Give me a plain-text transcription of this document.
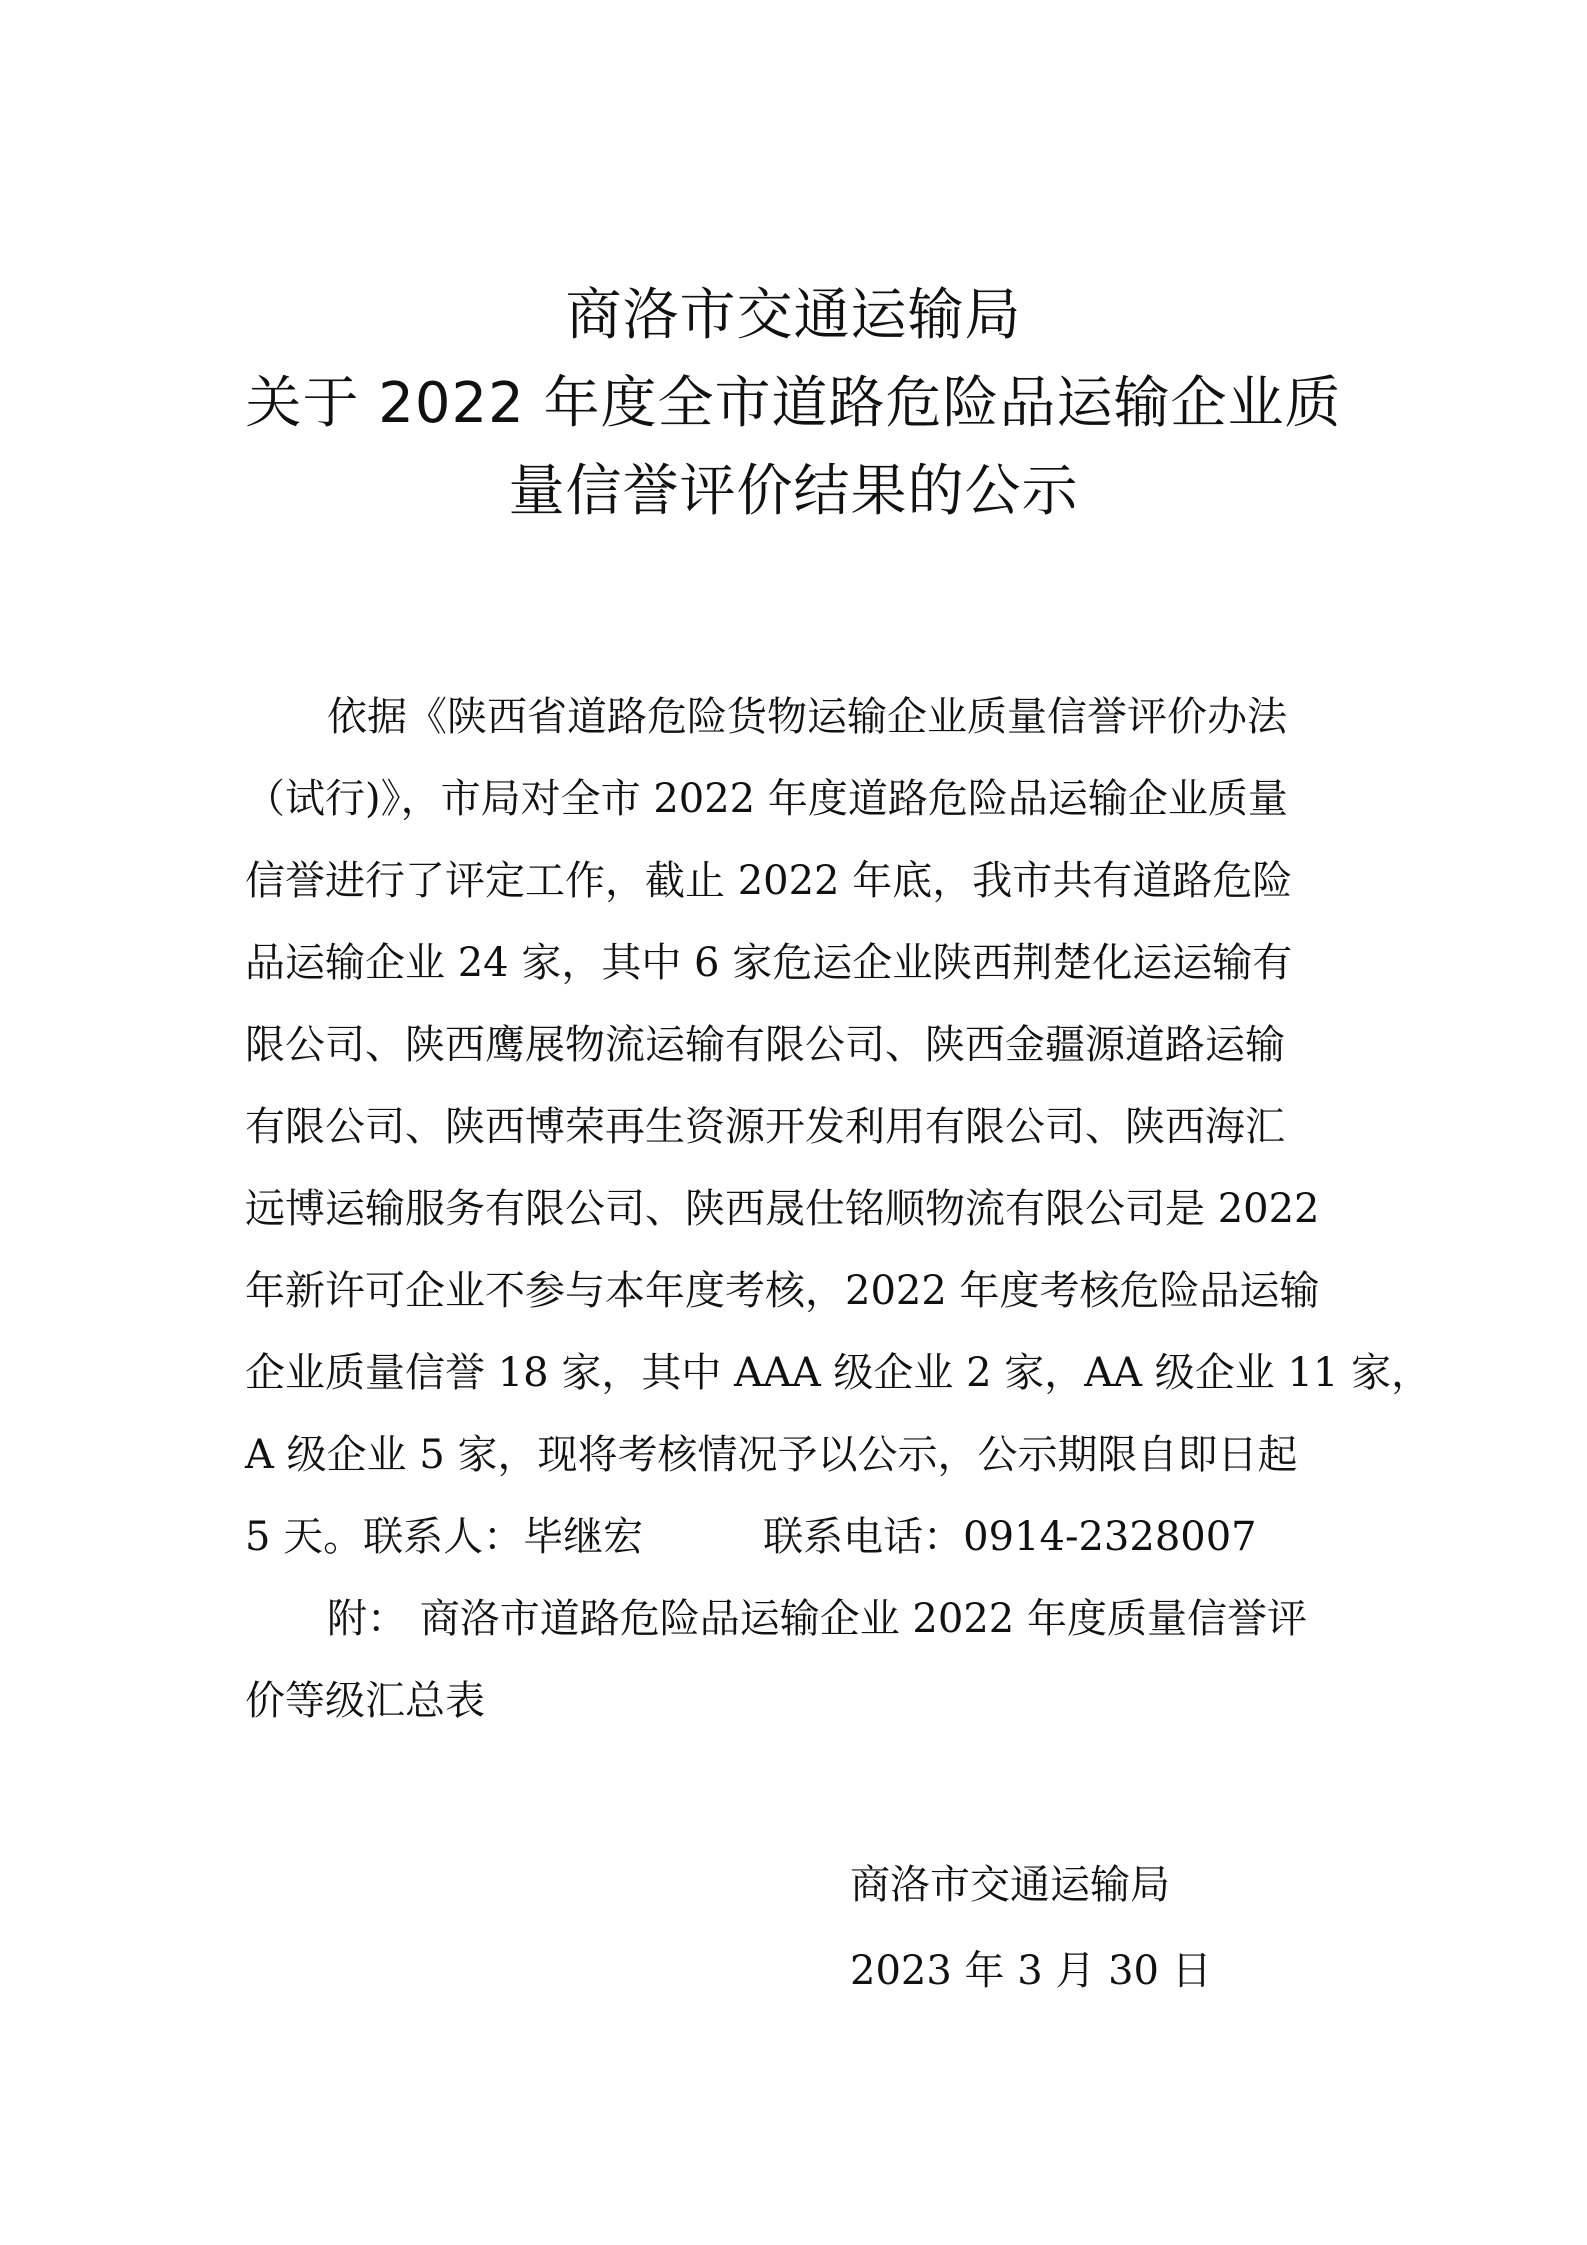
商洛市交通运输局
关于 2022 年度全市道路危险品运输企业质
量信誉评价结果的公示
依据《陕西省道路危险货物运输企业质量信誉评价办法
（试行)》，市局对全市 2022 年度道路危险品运输企业质量
信誉进行了评定工作，截止 2022 年底，我市共有道路危险
品运输企业 24 家，其中 6 家危运企业陕西荆楚化运运输有
限公司、陕西鹰展物流运输有限公司、陕西金疆源道路运输
有限公司、陕西博荣再生资源开发利用有限公司、陕西海汇
远博运输服务有限公司、陕西晟仕铭顺物流有限公司是 2022
年新许可企业不参与本年度考核，2022 年度考核危险品运输
企业质量信誉 18 家，其中 AAA 级企业 2 家，AA 级企业 11 家，
A 级企业 5 家，现将考核情况予以公示，公示期限自即日起
5 天。联系人：毕继宏　　　联系电话：0914-2328007
附： 商洛市道路危险品运输企业 2022 年度质量信誉评
价等级汇总表
商洛市交通运输局
2023 年 3 月 30 日
